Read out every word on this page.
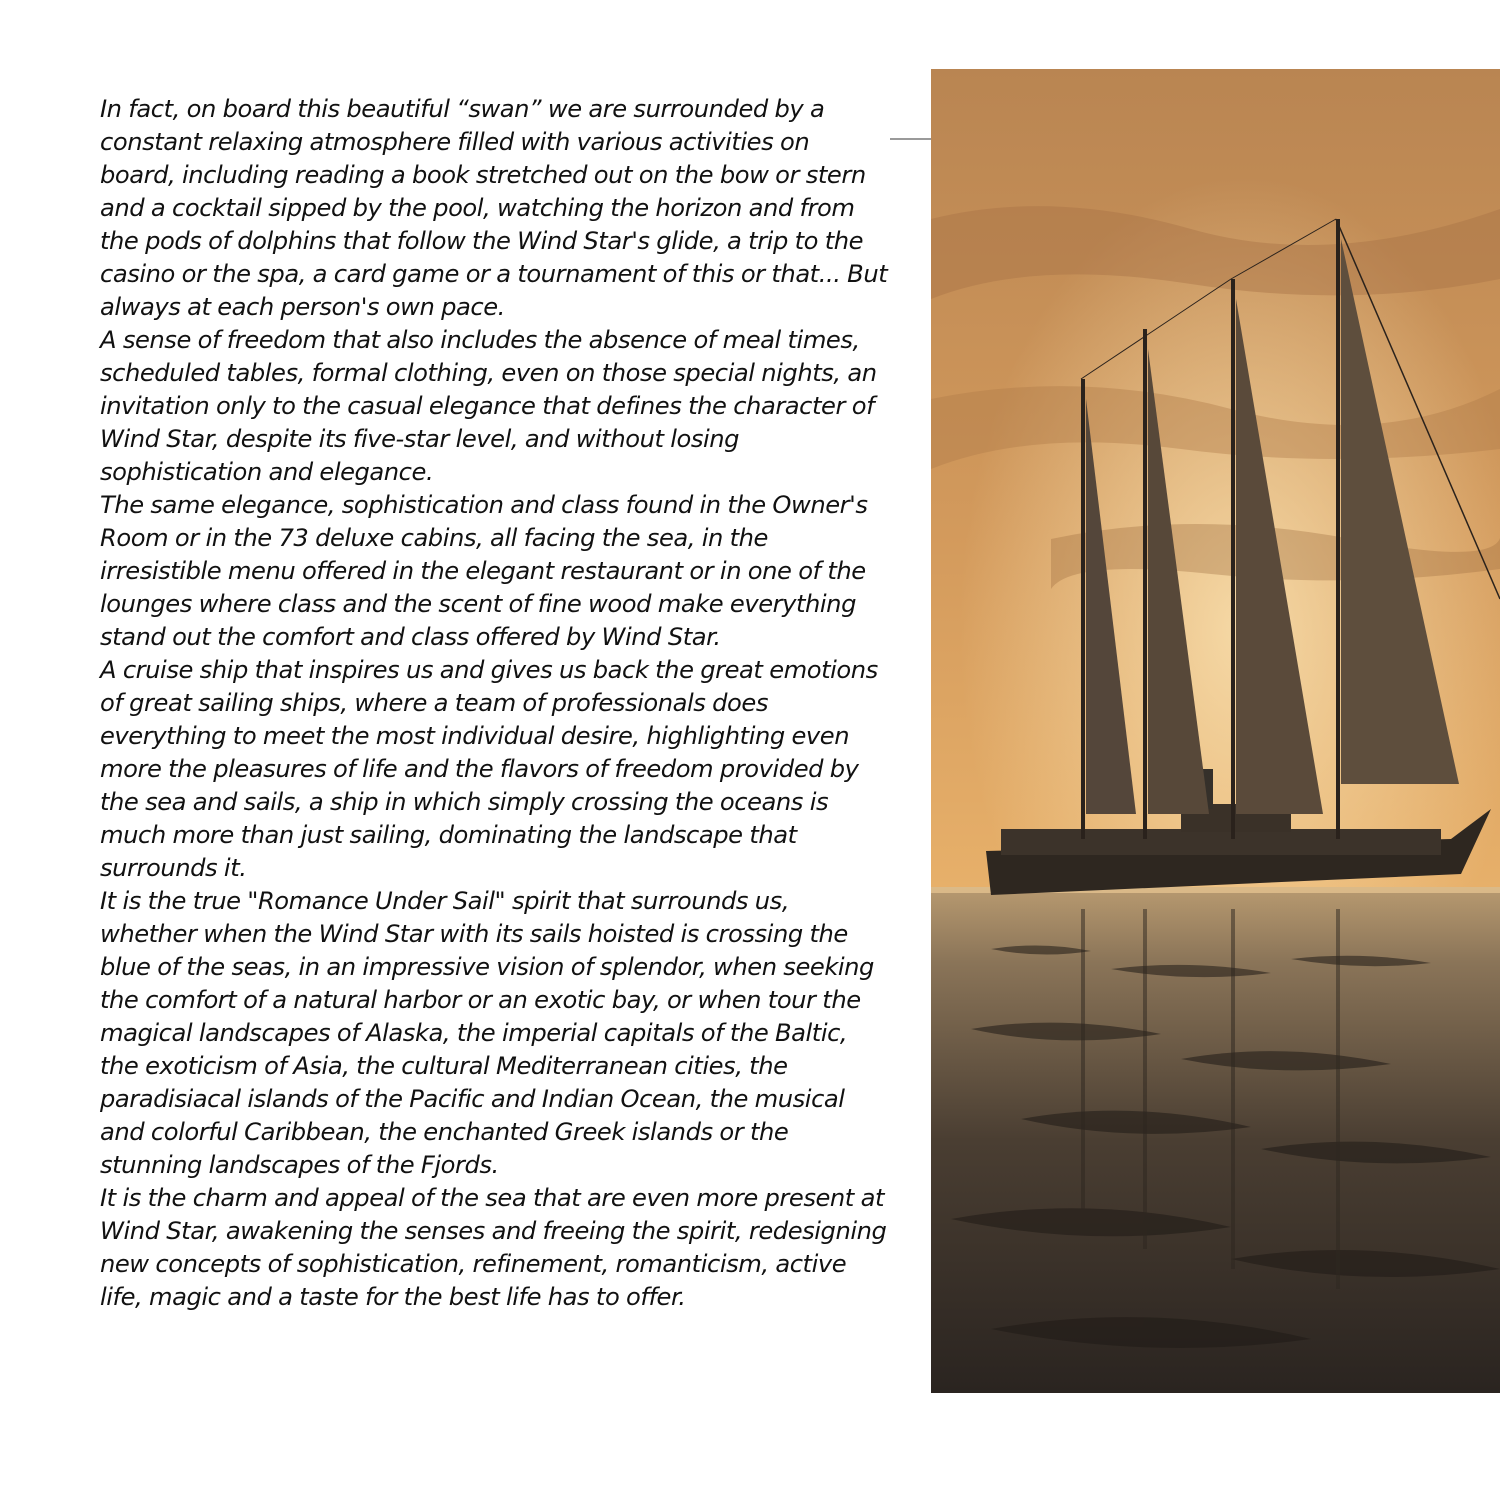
In fact, on board this beautiful “swan” we are surrounded by a constant relaxing atmosphere filled with various activities on board, including reading a book stretched out on the bow or stern and a cocktail sipped by the pool, watching the horizon and from the pods of dolphins that follow the Wind Star's glide, a trip to the casino or the spa, a card game or a tournament of this or that... But always at each person's own pace.

A sense of freedom that also includes the absence of meal times, scheduled tables, formal clothing, even on those special nights, an invitation only to the casual elegance that defines the character of Wind Star, despite its five-star level, and without losing sophistication and elegance.

The same elegance, sophistication and class found in the Owner's Room or in the 73 deluxe cabins, all facing the sea, in the irresistible menu offered in the elegant restaurant or in one of the lounges where class and the scent of fine wood make everything stand out the comfort and class offered by Wind Star.

A cruise ship that inspires us and gives us back the great emotions of great sailing ships, where a team of professionals does everything to meet the most individual desire, highlighting even more the pleasures of life and the flavors of freedom provided by the sea and sails, a ship in which simply crossing the oceans is much more than just sailing, dominating the landscape that surrounds it.

It is the true "Romance Under Sail" spirit that surrounds us, whether when the Wind Star with its sails hoisted is crossing the blue of the seas, in an impressive vision of splendor, when seeking the comfort of a natural harbor or an exotic bay, or when tour the magical landscapes of Alaska, the imperial capitals of the Baltic, the exoticism of Asia, the cultural Mediterranean cities, the paradisiacal islands of the Pacific and Indian Ocean, the musical and colorful Caribbean, the enchanted Greek islands or the stunning landscapes of the Fjords.

It is the charm and appeal of the sea that are even more present at Wind Star, awakening the senses and freeing the spirit, redesigning new concepts of sophistication, refinement, romanticism, active life, magic and a taste for the best life has to offer.
